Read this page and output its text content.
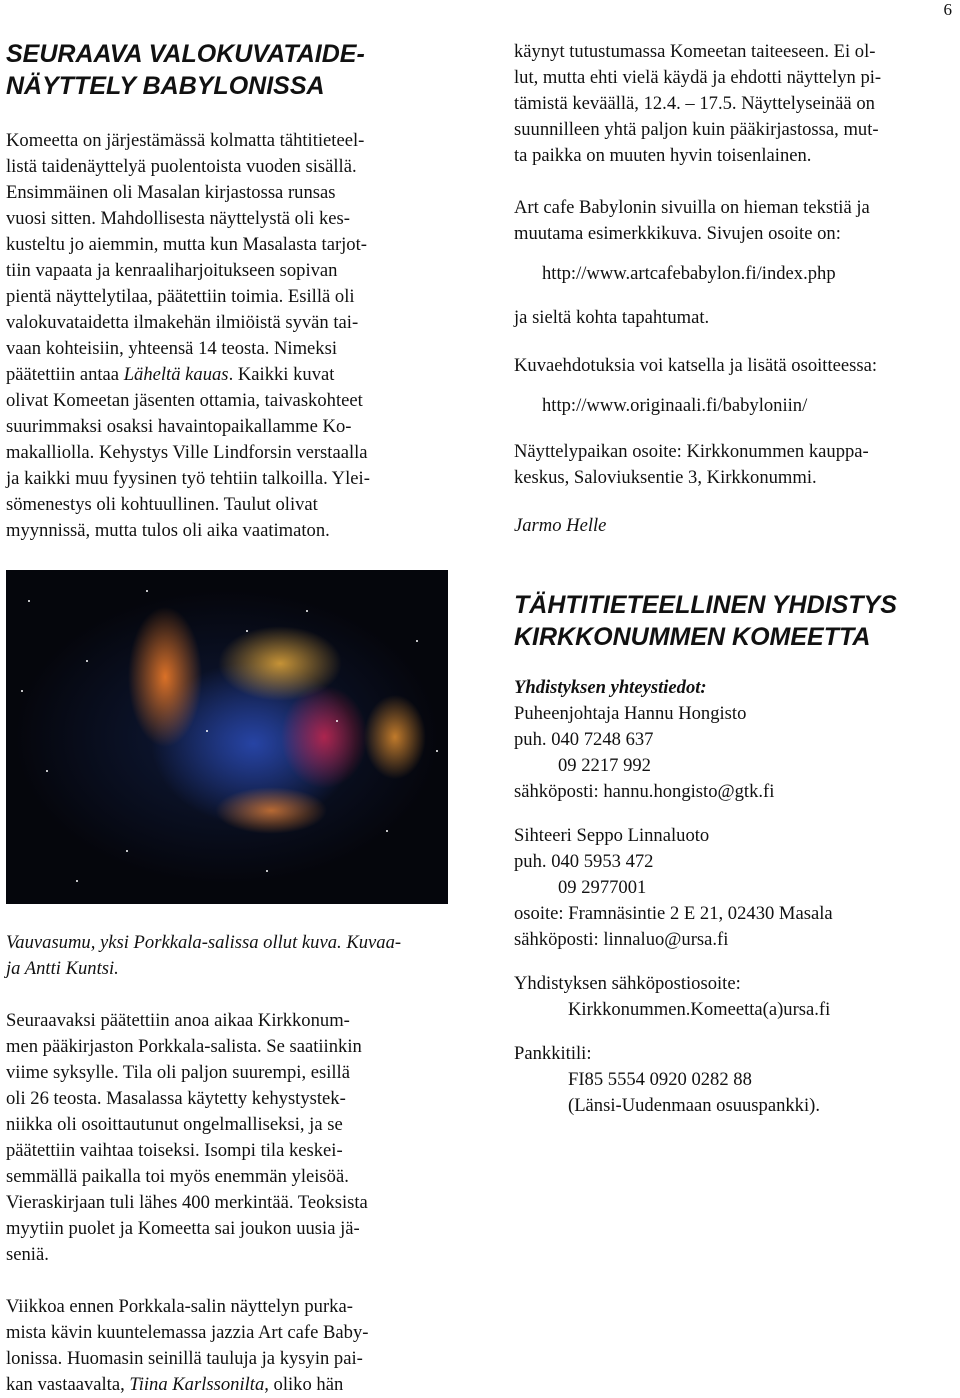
6
SEURAAVA VALOKUVATAIDE-
NÄYTTELY BABYLONISSA
Komeetta on järjestämässä kolmatta tähtitieteel-
listä taidenäyttelyä puolentoista vuoden sisällä.
Ensimmäinen oli Masalan kirjastossa runsas
vuosi sitten. Mahdollisesta näyttelystä oli kes-
kusteltu jo aiemmin, mutta kun Masalasta tarjot-
tiin vapaata ja kenraaliharjoitukseen sopivan
pientä näyttelytilaa, päätettiin toimia. Esillä oli
valokuvataidetta ilmakehän ilmiöistä syvän tai-
vaan kohteisiin, yhteensä 14 teosta. Nimeksi
päätettiin antaa Läheltä kauas. Kaikki kuvat
olivat Komeetan jäsenten ottamia, taivaskohteet
suurimmaksi osaksi havaintopaikallamme Ko-
makalliolla. Kehystys Ville Lindforsin verstaalla
ja kaikki muu fyysinen työ tehtiin talkoilla. Ylei-
sömenestys oli kohtuullinen. Taulut olivat
myynnissä, mutta tulos oli aika vaatimaton.
Vauvasumu, yksi Porkkala-salissa ollut kuva. Kuvaa-
ja Antti Kuntsi.
Seuraavaksi päätettiin anoa aikaa Kirkkonum-
men pääkirjaston Porkkala-salista. Se saatiinkin
viime syksylle. Tila oli paljon suurempi, esillä
oli 26 teosta. Masalassa käytetty kehystystek-
niikka oli osoittautunut ongelmalliseksi, ja se
päätettiin vaihtaa toiseksi. Isompi tila keskei-
semmällä paikalla toi myös enemmän yleisöä.
Vieraskirjaan tuli lähes 400 merkintää. Teoksista
myytiin puolet ja Komeetta sai joukon uusia jä-
seniä.
Viikkoa ennen Porkkala-salin näyttelyn purka-
mista kävin kuuntelemassa jazzia Art cafe Baby-
lonissa. Huomasin seinillä tauluja ja kysyin pai-
kan vastaavalta, Tiina Karlssonilta, oliko hän
käynyt tutustumassa Komeetan taiteeseen. Ei ol-
lut, mutta ehti vielä käydä ja ehdotti näyttelyn pi-
tämistä keväällä, 12.4. – 17.5. Näyttelyseinää on
suunnilleen yhtä paljon kuin pääkirjastossa, mut-
ta paikka on muuten hyvin toisenlainen.
Art cafe Babylonin sivuilla on hieman tekstiä ja
muutama esimerkkikuva. Sivujen osoite on:
http://www.artcafebabylon.fi/index.php
ja sieltä kohta tapahtumat.
Kuvaehdotuksia voi katsella ja lisätä osoitteessa:
http://www.originaali.fi/babyloniin/
Näyttelypaikan osoite: Kirkkonummen kauppa-
keskus, Saloviuksentie 3, Kirkkonummi.
Jarmo Helle
TÄHTITIETEELLINEN YHDISTYS
KIRKKONUMMEN KOMEETTA
Yhdistyksen yhteystiedot:
Puheenjohtaja Hannu Hongisto
puh. 040 7248 637
09 2217 992
sähköposti: hannu.hongisto@gtk.fi
Sihteeri Seppo Linnaluoto
puh. 040 5953 472
09 2977001
osoite: Framnäsintie 2 E 21, 02430 Masala
sähköposti: linnaluo@ursa.fi
Yhdistyksen sähköpostiosoite:
Kirkkonummen.Komeetta(a)ursa.fi
Pankkitili:
FI85 5554 0920 0282 88
(Länsi-Uudenmaan osuuspankki).
